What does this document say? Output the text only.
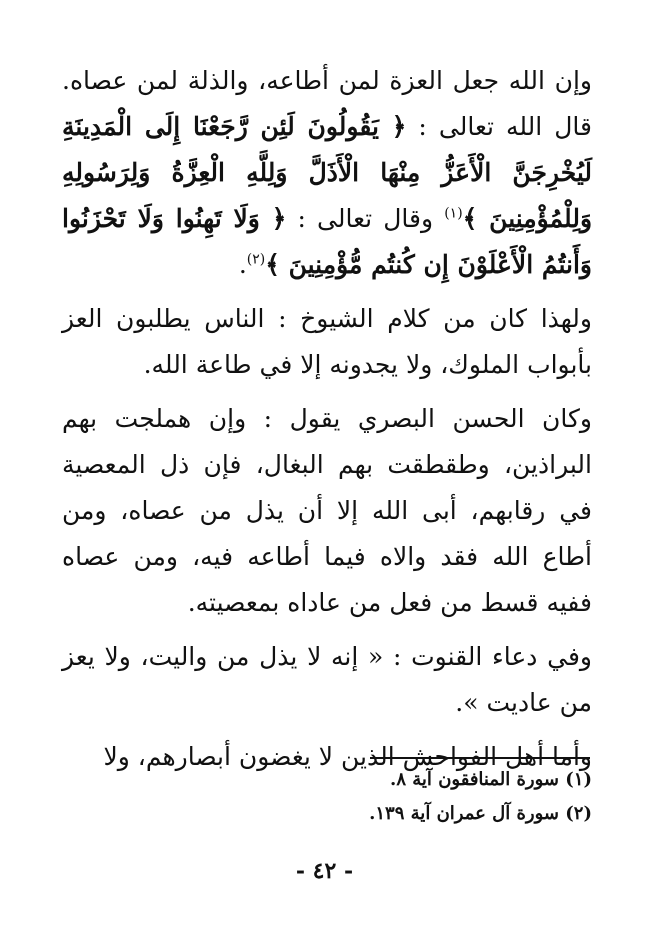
وإن الله جعل العزة لمن أطاعه، والذلة لمن عصاه. قال الله تعالى : ﴿ يَقُولُونَ لَئِن رَّجَعْنَا إِلَى الْمَدِينَةِ لَيُخْرِجَنَّ الْأَعَزُّ مِنْهَا الْأَذَلَّ وَلِلَّهِ الْعِزَّةُ وَلِرَسُولِهِ وَلِلْمُؤْمِنِينَ ﴾$^{(١)}$ وقال تعالى : ﴿ وَلَا تَهِنُوا وَلَا تَحْزَنُوا وَأَنتُمُ الْأَعْلَوْنَ إِن كُنتُم مُّؤْمِنِينَ ﴾$^{(٢)}$.

ولهذا كان من كلام الشيوخ : الناس يطلبون العز بأبواب الملوك، ولا يجدونه إلا في طاعة الله.

وكان الحسن البصري يقول : وإن هملجت بهم البراذين، وطقطقت بهم البغال، فإن ذل المعصية في رقابهم، أبى الله إلا أن يذل من عصاه، ومن أطاع الله فقد والاه فيما أطاعه فيه، ومن عصاه ففيه قسط من فعل من عاداه بمعصيته.

وفي دعاء القنوت : « إنه لا يذل من واليت، ولا يعز من عاديت ».

وأما أهل الفواحش الذين لا يغضون أبصارهم، ولا

(١) سورة المنافقون آية ٨.
(٢) سورة آل عمران آية ١٣٩.
- ٤٢ -
